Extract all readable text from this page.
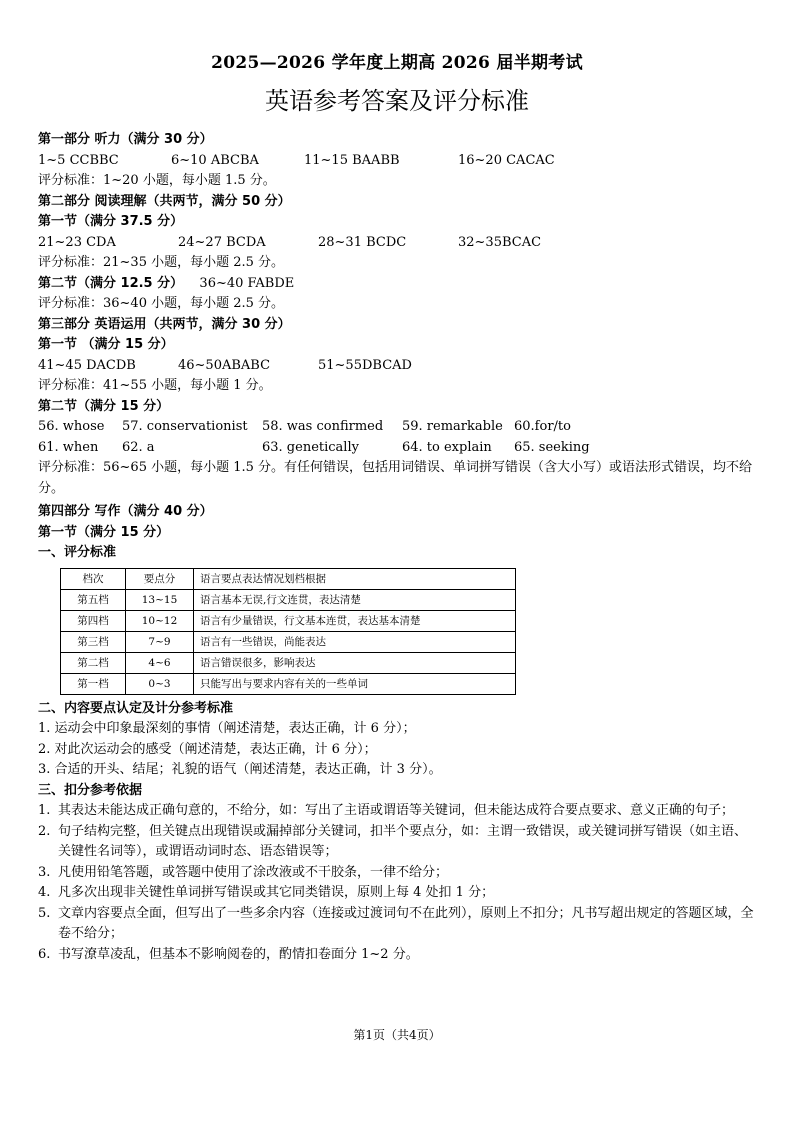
2025—2026 学年度上期高 2026 届半期考试
英语参考答案及评分标准
第一部分 听力（满分 30 分）
1~5 CCBBC	6~10 ABCBA	11~15 BAABB	16~20 CACAC
评分标准：1~20 小题，每小题 1.5 分。
第二部分 阅读理解（共两节，满分 50 分）
第一节（满分 37.5 分）
21~23 CDA	24~27 BCDA	28~31 BCDC	32~35BCAC
评分标准：21~35 小题，每小题 2.5 分。
第二节（满分 12.5 分） 36~40 FABDE
评分标准：36~40 小题，每小题 2.5 分。
第三部分 英语运用（共两节，满分 30 分）
第一节 （满分 15 分）
41~45 DACDB	46~50ABABC	51~55DBCAD
评分标准：41~55 小题，每小题 1 分。
第二节（满分 15 分）
56. whose	57. conservationist	58. was confirmed	59. remarkable 60.for/to
61. when	62. a	63. genetically	64. to explain	65. seeking
评分标准：56~65 小题，每小题 1.5 分。有任何错误，包括用词错误、单词拼写错误（含大小写）或语法形式错误，均不给分。
第四部分 写作（满分 40 分）
第一节（满分 15 分）
一、评分标准
档次	要点分	语言要点表达情况划档根据
第五档	13~15	语言基本无误,行文连贯，表达清楚
第四档	10~12	语言有少量错误，行文基本连贯，表达基本清楚
第三档	7~9	语言有一些错误，尚能表达
第二档	4~6	语言错误很多，影响表达
第一档	0~3	只能写出与要求内容有关的一些单词
二、内容要点认定及计分参考标准
1. 运动会中印象最深刻的事情（阐述清楚，表达正确，计 6 分）；
2. 对此次运动会的感受（阐述清楚，表达正确，计 6 分）；
3. 合适的开头、结尾；礼貌的语气（阐述清楚，表达正确，计 3 分）。
三、扣分参考依据
1. 其表达未能达成正确句意的，不给分，如：写出了主语或谓语等关键词，但未能达成符合要点要求、意义正确的句子；
2. 句子结构完整，但关键点出现错误或漏掉部分关键词，扣半个要点分，如：主谓一致错误，或关键词拼写错误（如主语、关键性名词等），或谓语动词时态、语态错误等；
3. 凡使用铅笔答题，或答题中使用了涂改液或不干胶条，一律不给分；
4. 凡多次出现非关键性单词拼写错误或其它同类错误，原则上每 4 处扣 1 分；
5. 文章内容要点全面，但写出了一些多余内容（连接或过渡词句不在此列），原则上不扣分；凡书写超出规定的答题区域，全卷不给分；
6. 书写潦草凌乱，但基本不影响阅卷的，酌情扣卷面分 1~2 分。
第1页（共4页）
